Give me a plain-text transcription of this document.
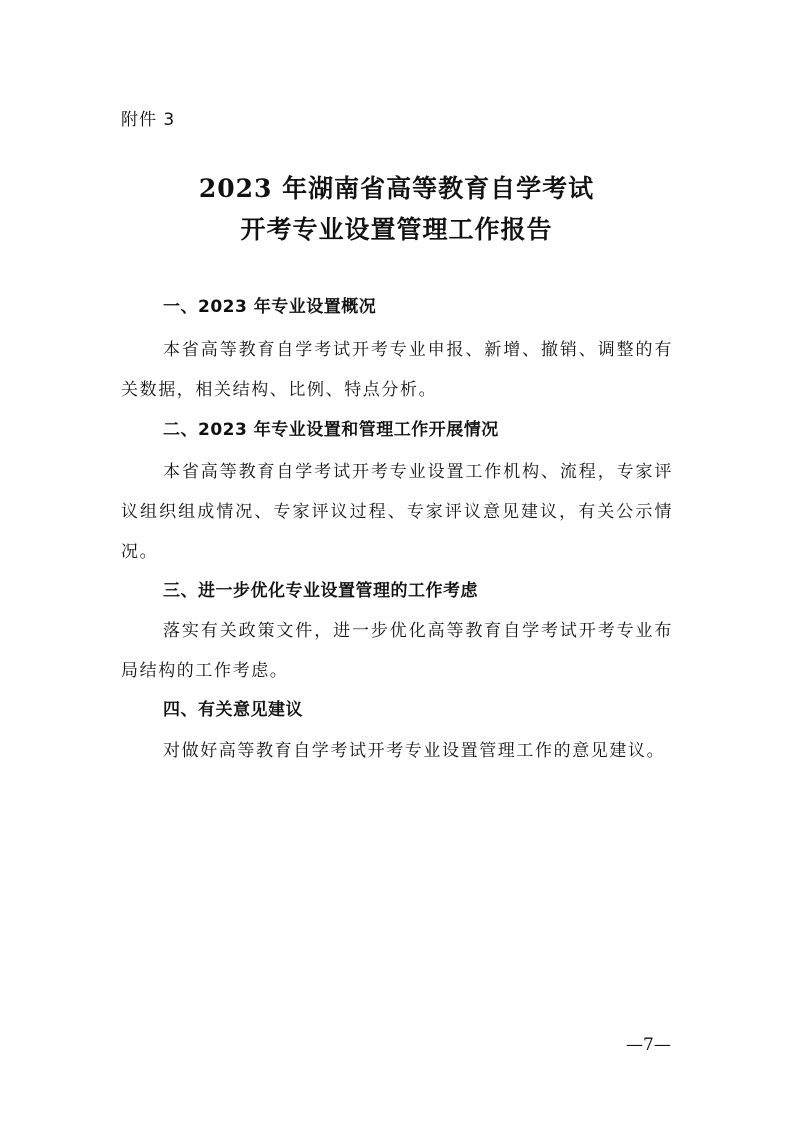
附件 3
2023 年湖南省高等教育自学考试
开考专业设置管理工作报告
一、2023 年专业设置概况
本省高等教育自学考试开考专业申报、新增、撤销、调整的有关数据，相关结构、比例、特点分析。
二、2023 年专业设置和管理工作开展情况
本省高等教育自学考试开考专业设置工作机构、流程，专家评议组织组成情况、专家评议过程、专家评议意见建议，有关公示情况。
三、进一步优化专业设置管理的工作考虑
落实有关政策文件，进一步优化高等教育自学考试开考专业布局结构的工作考虑。
四、有关意见建议
对做好高等教育自学考试开考专业设置管理工作的意见建议。
—7—
